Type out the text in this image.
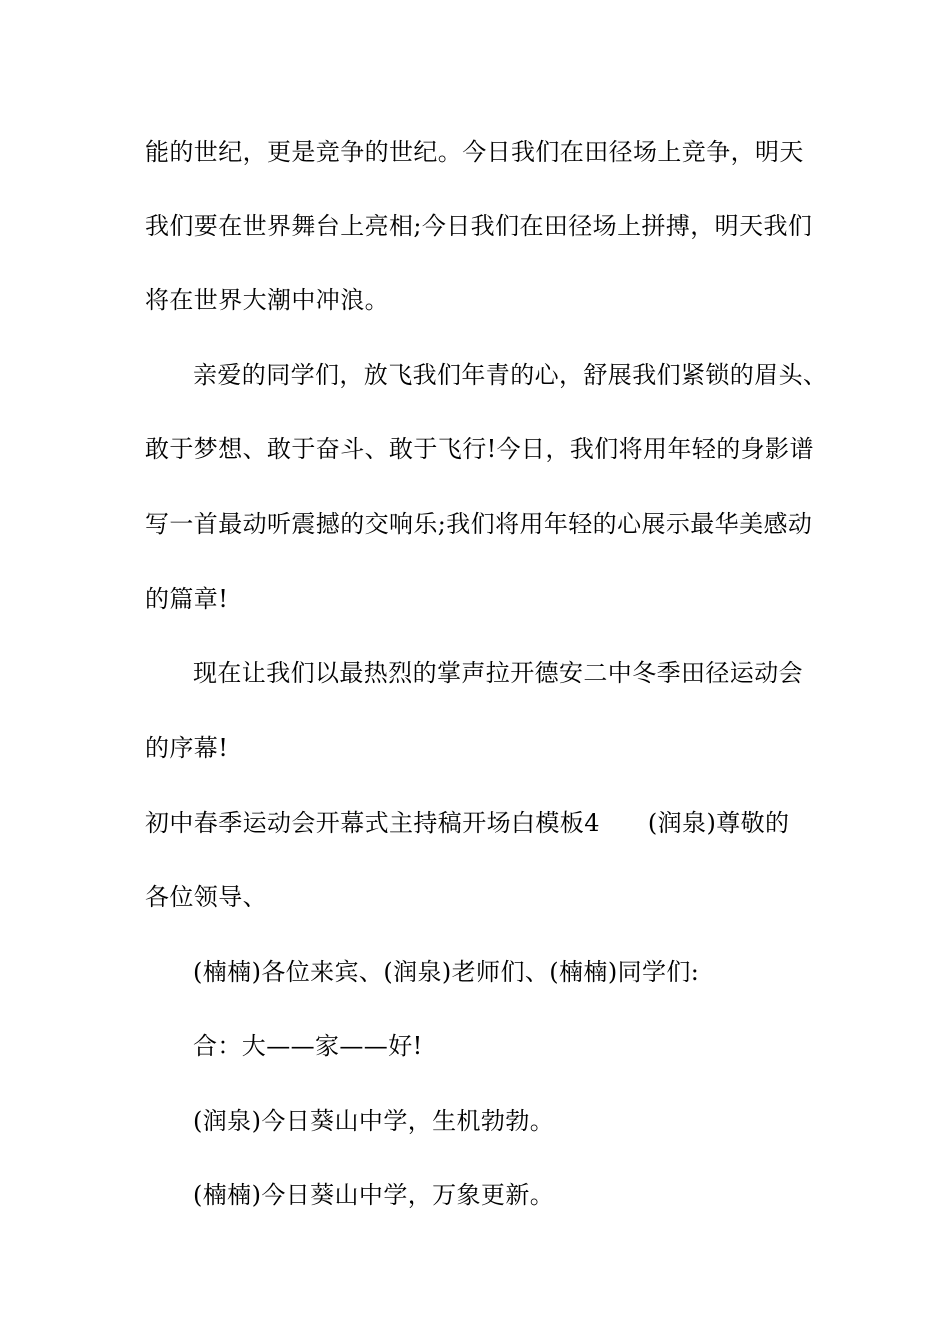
能的世纪，更是竞争的世纪。今日我们在田径场上竞争，明天
我们要在世界舞台上亮相;今日我们在田径场上拼搏，明天我们
将在世界大潮中冲浪。
亲爱的同学们，放飞我们年青的心，舒展我们紧锁的眉头、
敢于梦想、敢于奋斗、敢于飞行!今日，我们将用年轻的身影谱
写一首最动听震撼的交响乐;我们将用年轻的心展示最华美感动
的篇章!
现在让我们以最热烈的掌声拉开德安二中冬季田径运动会
的序幕!
初中春季运动会开幕式主持稿开场白模板4 (润泉)尊敬的
各位领导、
(楠楠)各位来宾、(润泉)老师们、(楠楠)同学们:
合：大——家——好!
(润泉)今日葵山中学，生机勃勃。
(楠楠)今日葵山中学，万象更新。
